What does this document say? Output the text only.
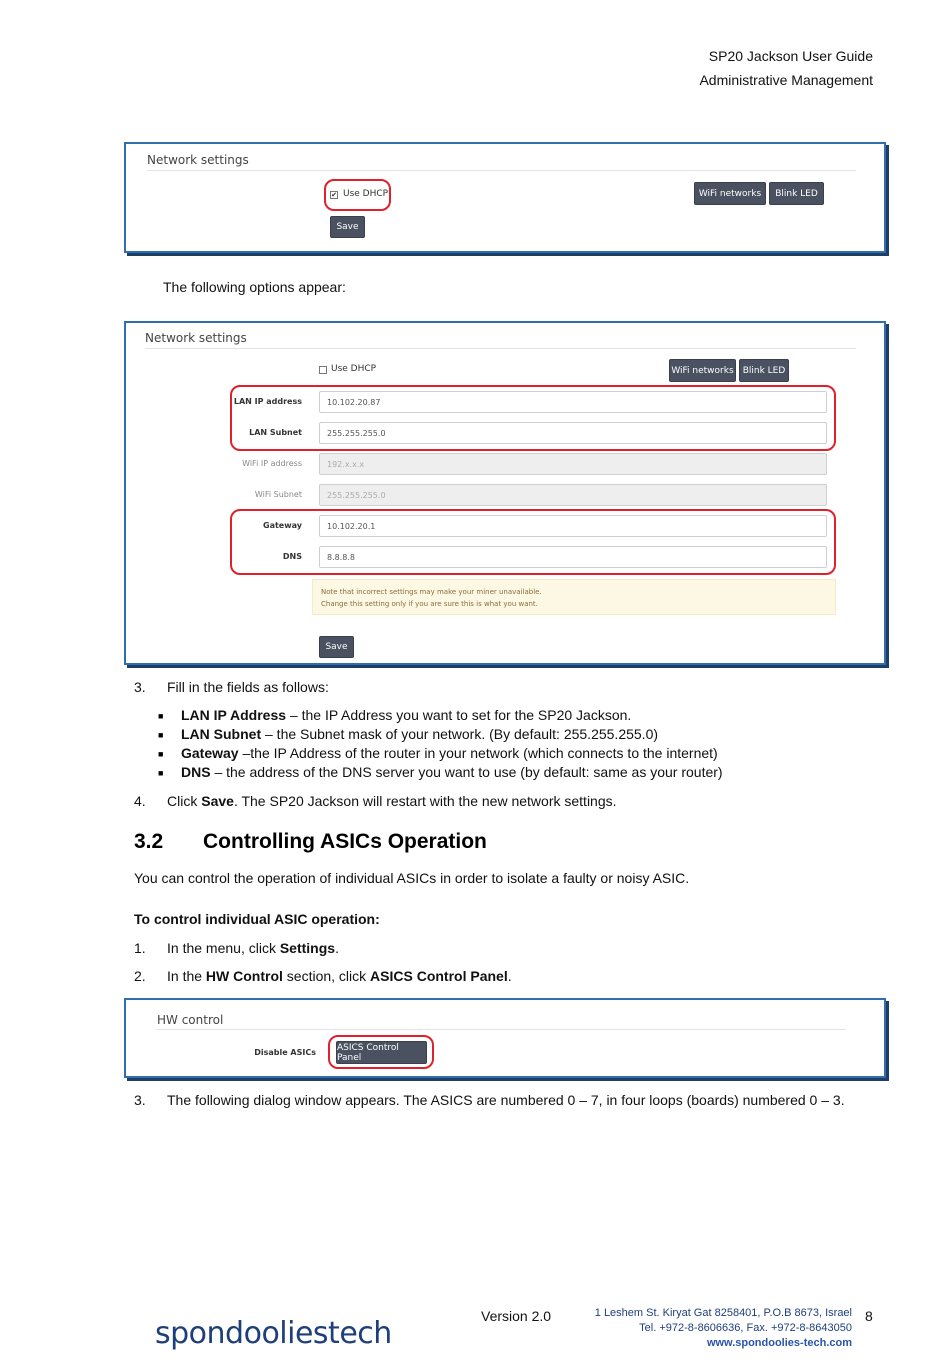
SP20 Jackson User Guide
Administrative Management
Network settings
✔ Use DHCP	WiFi networks	Blink LED
Save
The following options appear:
Network settings
Use DHCP	WiFi networks	Blink LED
LAN IP address	10.102.20.87
LAN Subnet	255.255.255.0
WiFi IP address	192.x.x.x
WiFi Subnet	255.255.255.0
Gateway	10.102.20.1
DNS	8.8.8.8
Note that incorrect settings may make your miner unavailable.
Change this setting only if you are sure this is what you want.
Save
3. Fill in the fields as follows:
■ LAN IP Address – the IP Address you want to set for the SP20 Jackson.
■ LAN Subnet – the Subnet mask of your network. (By default: 255.255.255.0)
■ Gateway –the IP Address of the router in your network (which connects to the internet)
■ DNS – the address of the DNS server you want to use (by default: same as your router)
4. Click Save. The SP20 Jackson will restart with the new network settings.
3.2 Controlling ASICs Operation
You can control the operation of individual ASICs in order to isolate a faulty or noisy ASIC.
To control individual ASIC operation:
1. In the menu, click Settings.
2. In the HW Control section, click ASICS Control Panel.
HW control
Disable ASICs ASICS Control Panel
3. The following dialog window appears. The ASICS are numbered 0 – 7, in four loops (boards) numbered 0 – 3.
spondooliestech	Version 2.0	1 Leshem St. Kiryat Gat 8258401, P.O.B 8673, Israel
Tel. +972-8-8606636, Fax. +972-8-8643050
www.spondoolies-tech.com
8
